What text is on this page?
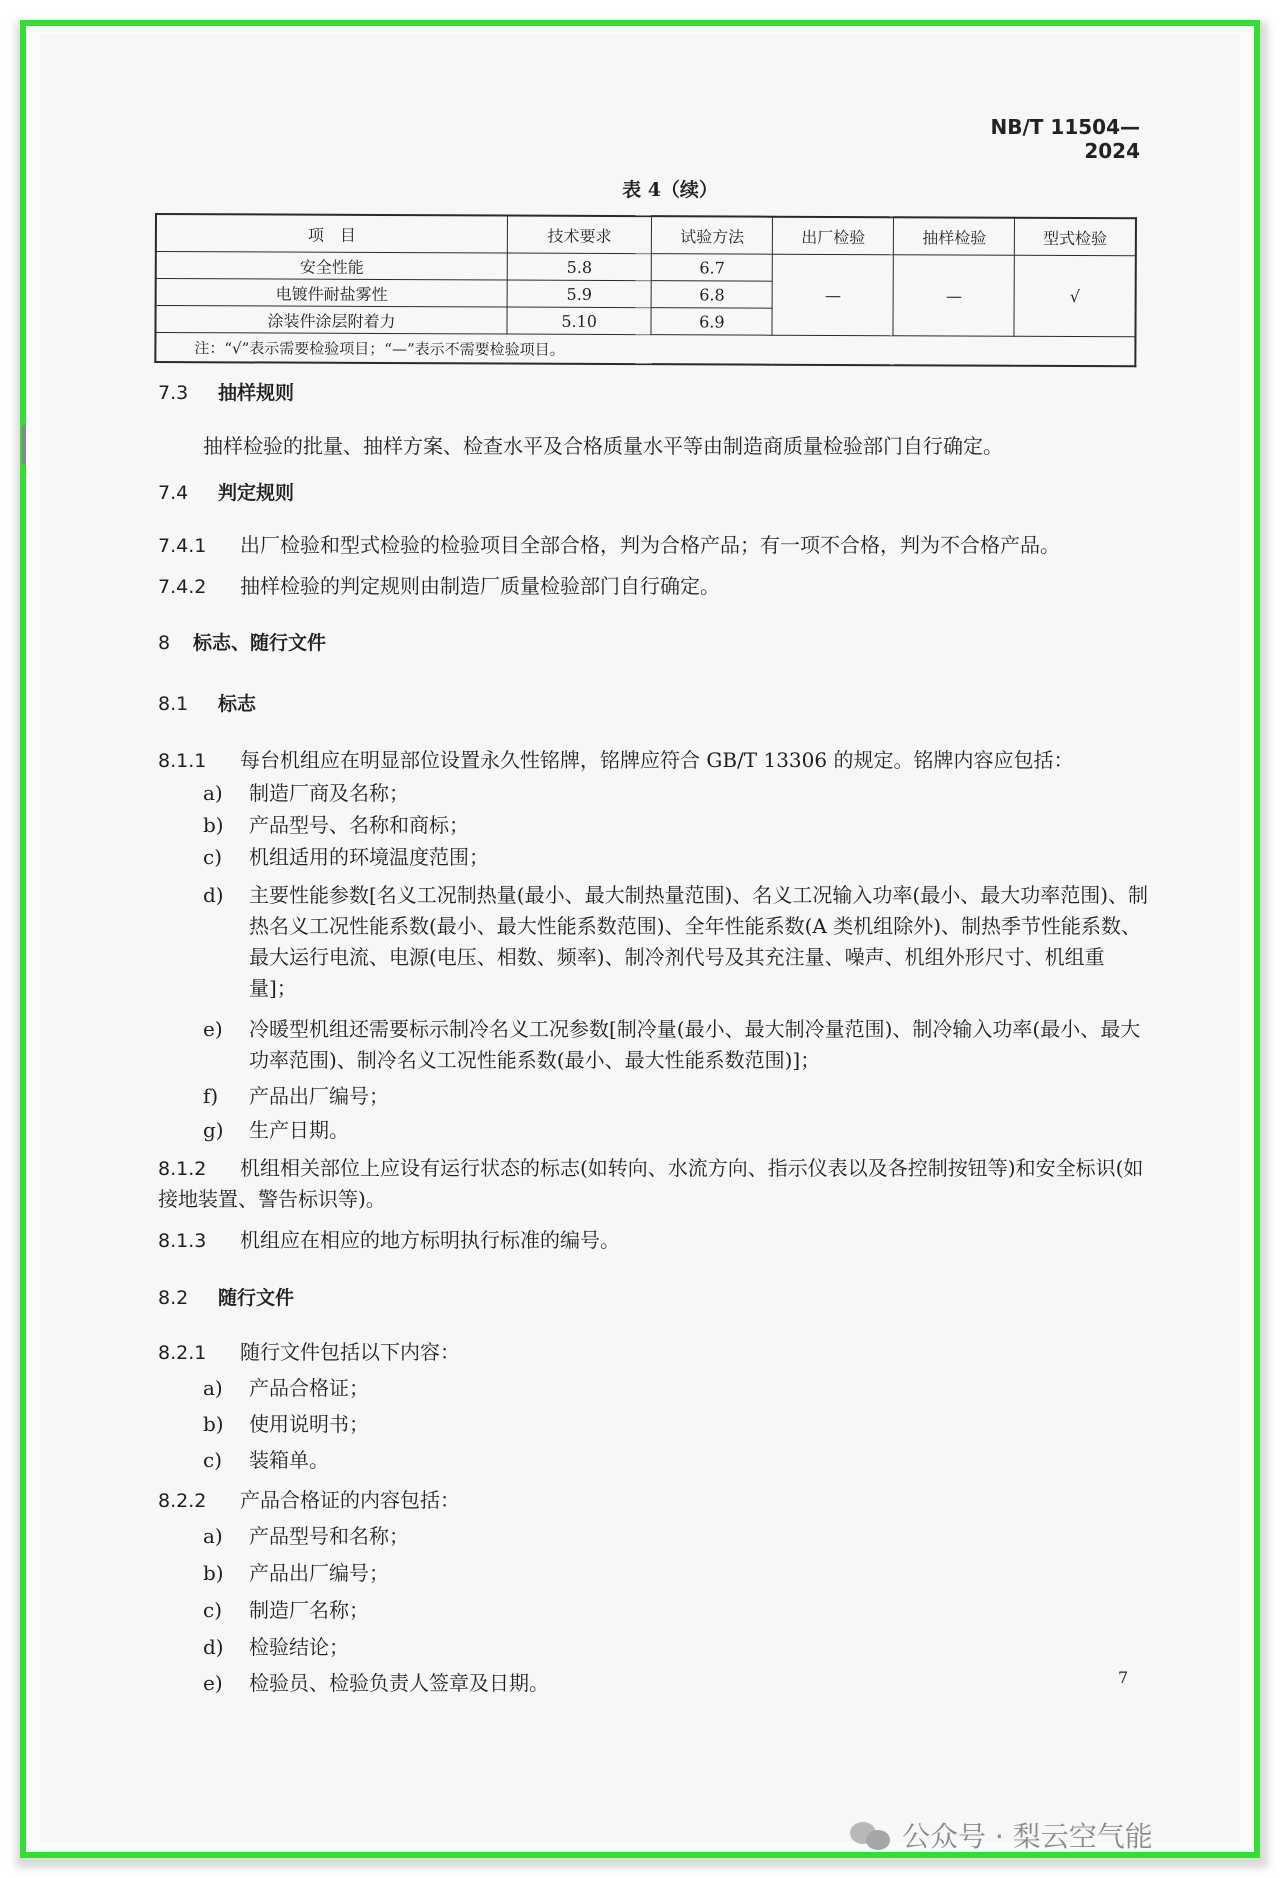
NB/T 11504—2024
表 4（续）
项　目	技术要求	试验方法	出厂检验	抽样检验	型式检验
安全性能	5.8	6.7	—	—	√
电镀件耐盐雾性	5.9	6.8			
涂装件涂层附着力	5.10	6.9			
注：“√”表示需要检验项目；“—”表示不需要检验项目。					
7.3 抽样规则
抽样检验的批量、抽样方案、检查水平及合格质量水平等由制造商质量检验部门自行确定。
7.4 判定规则
7.4.1 出厂检验和型式检验的检验项目全部合格，判为合格产品；有一项不合格，判为不合格产品。
7.4.2 抽样检验的判定规则由制造厂质量检验部门自行确定。
8 标志、随行文件
8.1 标志
8.1.1 每台机组应在明显部位设置永久性铭牌，铭牌应符合 GB/T 13306 的规定。铭牌内容应包括：
a) 制造厂商及名称；
b) 产品型号、名称和商标；
c) 机组适用的环境温度范围；
d) 主要性能参数[名义工况制热量(最小、最大制热量范围)、名义工况输入功率(最小、最大功率范围)、制热名义工况性能系数(最小、最大性能系数范围)、全年性能系数(A 类机组除外)、制热季节性能系数、最大运行电流、电源(电压、相数、频率)、制冷剂代号及其充注量、噪声、机组外形尺寸、机组重量]；
e) 冷暖型机组还需要标示制冷名义工况参数[制冷量(最小、最大制冷量范围)、制冷输入功率(最小、最大功率范围)、制冷名义工况性能系数(最小、最大性能系数范围)]；
f) 产品出厂编号；
g) 生产日期。
8.1.2 机组相关部位上应设有运行状态的标志(如转向、水流方向、指示仪表以及各控制按钮等)和安全标识(如接地装置、警告标识等)。
8.1.3 机组应在相应的地方标明执行标准的编号。
8.2 随行文件
8.2.1 随行文件包括以下内容：
a) 产品合格证；
b) 使用说明书；
c) 装箱单。
8.2.2 产品合格证的内容包括：
a) 产品型号和名称；
b) 产品出厂编号；
c) 制造厂名称；
d) 检验结论；
e) 检验员、检验负责人签章及日期。	7
公众号 · 梨云空气能
